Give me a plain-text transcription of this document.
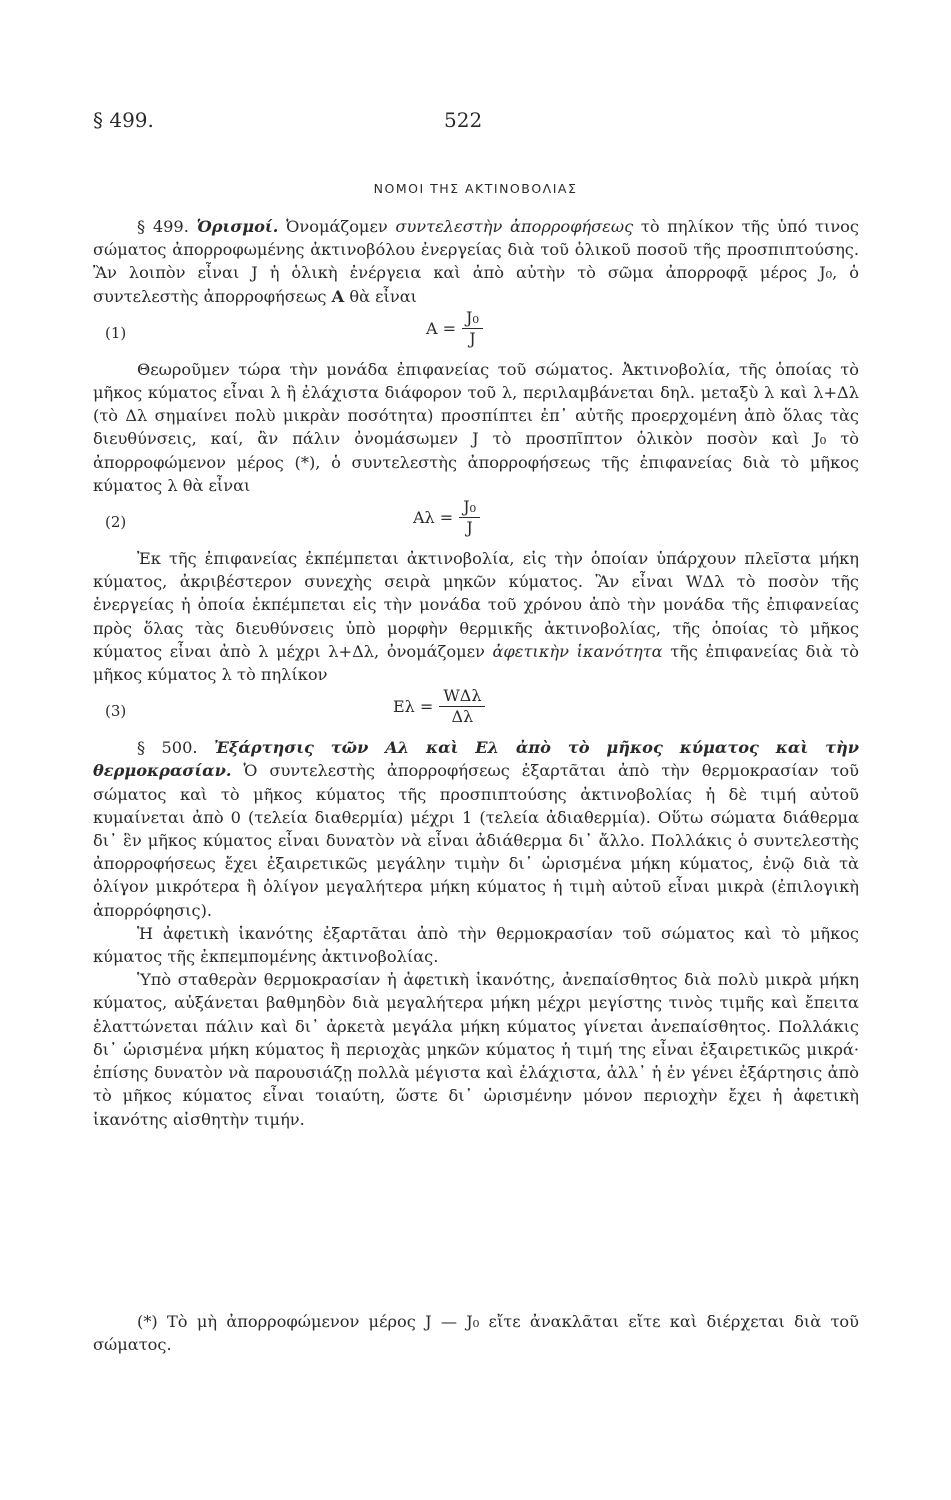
§ 499.	522
ΝΟΜΟΙ ΤΗΣ ΑΚΤΙΝΟΒΟΛΙΑΣ

§ 499. Ὁρισμοί. Ὀνομάζομεν συντελεστὴν ἀπορροφήσεως τὸ πηλίκον τῆς ὑπό τινος σώματος ἀπορροφωμένης ἀκτινοβόλου ἐνεργείας διὰ τοῦ ὁλικοῦ ποσοῦ τῆς προσπιπτούσης. Ἂν λοιπὸν εἶναι J ἡ ὁλικὴ ἐνέργεια καὶ ἀπὸ αὐτὴν τὸ σῶμα ἀπορροφᾷ μέρος J₀, ὁ συντελεστὴς ἀπορροφήσεως A θὰ εἶναι

(1)	$A = \frac{\text{J₀}}{J}$

Θεωροῦμεν τώρα τὴν μονάδα ἐπιφανείας τοῦ σώματος. Ἀκτινοβολία, τῆς ὁποίας τὸ μῆκος κύματος εἶναι λ ἢ ἐλάχιστα διάφορον τοῦ λ, περιλαμβάνεται δηλ. μεταξὺ λ καὶ λ+Δλ (τὸ Δλ σημαίνει πολὺ μικρὰν ποσότητα) προσπίπτει ἐπ᾿ αὐτῆς προερχομένη ἀπὸ ὅλας τὰς διευθύνσεις, καί, ἂν πάλιν ὀνομάσωμεν J τὸ προσπῖπτον ὁλικὸν ποσὸν καὶ J₀ τὸ ἀπορροφώμενον μέρος (*), ὁ συντελεστὴς ἀπορροφήσεως τῆς ἐπιφανείας διὰ τὸ μῆκος κύματος λ θὰ εἶναι

(2)	$A\lambda = \frac{\text{J₀}}{J}$

Ἐκ τῆς ἐπιφανείας ἐκπέμπεται ἀκτινοβολία, εἰς τὴν ὁποίαν ὑπάρχουν πλεῖστα μήκη κύματος, ἀκριβέστερον συνεχὴς σειρὰ μηκῶν κύματος. Ἂν εἶναι WΔλ τὸ ποσὸν τῆς ἐνεργείας ἡ ὁποία ἐκπέμπεται εἰς τὴν μονάδα τοῦ χρόνου ἀπὸ τὴν μονάδα τῆς ἐπιφανείας πρὸς ὅλας τὰς διευθύνσεις ὑπὸ μορφὴν θερμικῆς ἀκτινοβολίας, τῆς ὁποίας τὸ μῆκος κύματος εἶναι ἀπὸ λ μέχρι λ+Δλ, ὀνομάζομεν ἀφετικὴν ἱκανότητα τῆς ἐπιφανείας διὰ τὸ μῆκος κύματος λ τὸ πηλίκον

(3)	$E\lambda = \frac{\text{WΔλ}}{\Delta\lambda}$

§ 500. Ἐξάρτησις τῶν Aλ καὶ Eλ ἀπὸ τὸ μῆκος κύματος καὶ τὴν θερμοκρασίαν. Ὁ συντελεστὴς ἀπορροφήσεως ἐξαρτᾶται ἀπὸ τὴν θερμοκρασίαν τοῦ σώματος καὶ τὸ μῆκος κύματος τῆς προσπιπτούσης ἀκτινοβολίας ἡ δὲ τιμή αὐτοῦ κυμαίνεται ἀπὸ 0 (τελεία διαθερμία) μέχρι 1 (τελεία ἀδιαθερμία). Οὕτω σώματα διάθερμα δι᾿ ἓν μῆκος κύματος εἶναι δυνατὸν νὰ εἶναι ἀδιάθερμα δι᾿ ἄλλο. Πολλάκις ὁ συντελεστὴς ἀπορροφήσεως ἔχει ἐξαιρετικῶς μεγάλην τιμὴν δι᾿ ὡρισμένα μήκη κύματος, ἐνῷ διὰ τὰ ὀλίγον μικρότερα ἢ ὀλίγον μεγαλήτερα μήκη κύματος ἡ τιμὴ αὐτοῦ εἶναι μικρὰ (ἐπιλογικὴ ἀπορρόφησις).

Ἡ ἀφετικὴ ἱκανότης ἐξαρτᾶται ἀπὸ τὴν θερμοκρασίαν τοῦ σώματος καὶ τὸ μῆκος κύματος τῆς ἐκπεμπομένης ἀκτινοβολίας.

Ὑπὸ σταθερὰν θερμοκρασίαν ἡ ἀφετικὴ ἱκανότης, ἀνεπαίσθητος διὰ πολὺ μικρὰ μήκη κύματος, αὐξάνεται βαθμηδὸν διὰ μεγαλήτερα μήκη μέχρι μεγίστης τινὸς τιμῆς καὶ ἔπειτα ἐλαττώνεται πάλιν καὶ δι᾿ ἀρκετὰ μεγάλα μήκη κύματος γίνεται ἀνεπαίσθητος. Πολλάκις δι᾿ ὡρισμένα μήκη κύματος ἢ περιοχὰς μηκῶν κύματος ἡ τιμή της εἶναι ἐξαιρετικῶς μικρά· ἐπίσης δυνατὸν νὰ παρουσιάζῃ πολλὰ μέγιστα καὶ ἐλάχιστα, ἀλλ᾿ ἡ ἐν γένει ἐξάρτησις ἀπὸ τὸ μῆκος κύματος εἶναι τοιαύτη, ὥστε δι᾿ ὡρισμένην μόνον περιοχὴν ἔχει ἡ ἀφετικὴ ἱκανότης αἰσθητὴν τιμήν.

(*) Τὸ μὴ ἀπορροφώμενον μέρος J — J₀ εἴτε ἀνακλᾶται εἴτε καὶ διέρχεται διὰ τοῦ σώματος.
